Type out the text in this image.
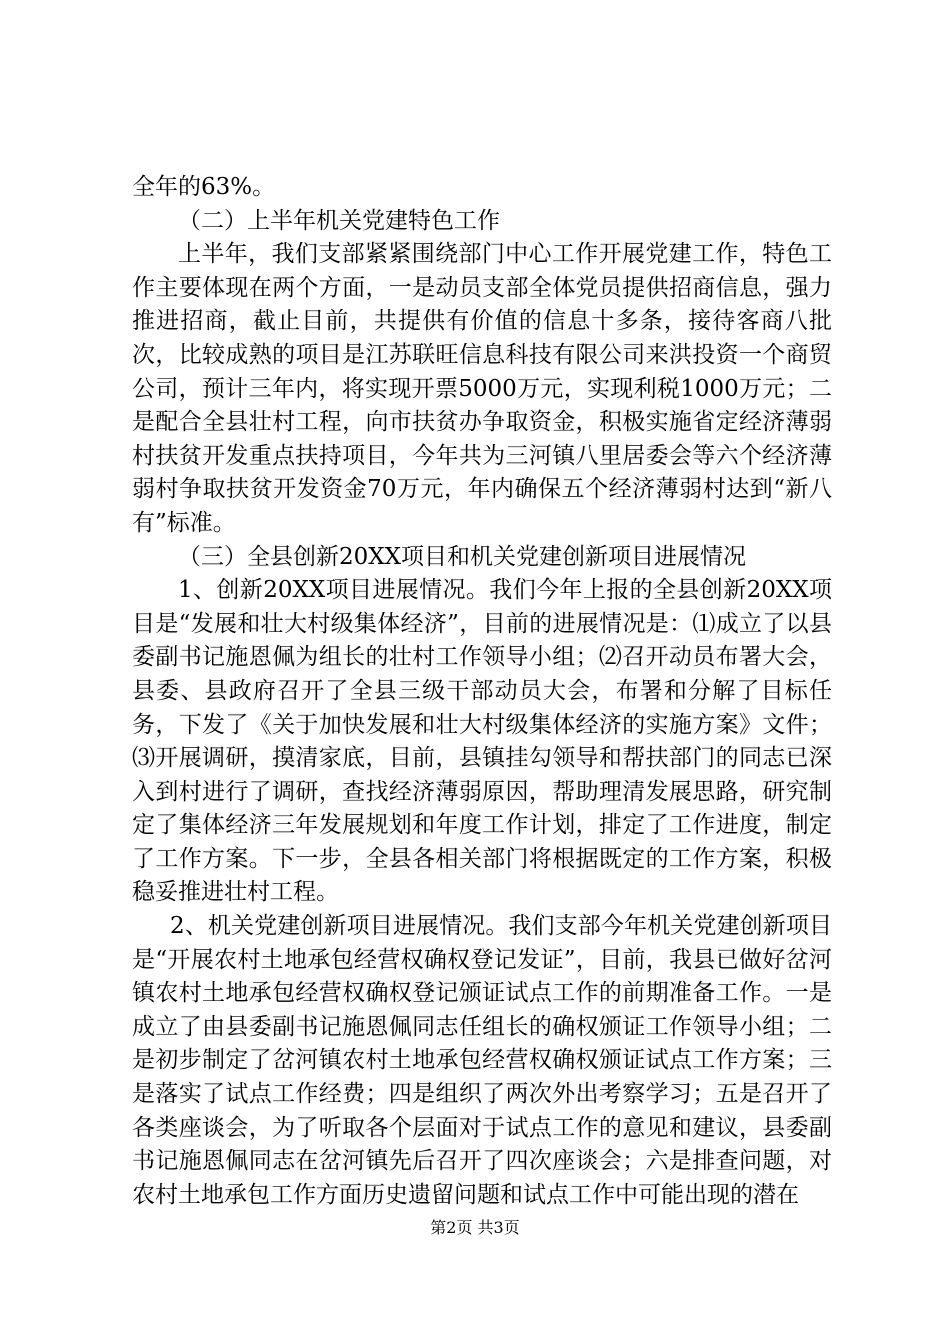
全年的63%。

（二）上半年机关党建特色工作

上半年，我们支部紧紧围绕部门中心工作开展党建工作，特色工作主要体现在两个方面，一是动员支部全体党员提供招商信息，强力推进招商，截止目前，共提供有价值的信息十多条，接待客商八批次，比较成熟的项目是江苏联旺信息科技有限公司来洪投资一个商贸公司，预计三年内，将实现开票5000万元，实现利税1000万元；二是配合全县壮村工程，向市扶贫办争取资金，积极实施省定经济薄弱村扶贫开发重点扶持项目，今年共为三河镇八里居委会等六个经济薄弱村争取扶贫开发资金70万元，年内确保五个经济薄弱村达到“新八有”标准。

（三）全县创新20XX项目和机关党建创新项目进展情况

1、创新20XX项目进展情况。我们今年上报的全县创新20XX项目是“发展和壮大村级集体经济”，目前的进展情况是：⑴成立了以县委副书记施恩佩为组长的壮村工作领导小组；⑵召开动员布署大会，县委、县政府召开了全县三级干部动员大会，布署和分解了目标任务，下发了《关于加快发展和壮大村级集体经济的实施方案》文件；⑶开展调研，摸清家底，目前，县镇挂勾领导和帮扶部门的同志已深入到村进行了调研，查找经济薄弱原因，帮助理清发展思路，研究制定了集体经济三年发展规划和年度工作计划，排定了工作进度，制定了工作方案。下一步，全县各相关部门将根据既定的工作方案，积极稳妥推进壮村工程。

2、机关党建创新项目进展情况。我们支部今年机关党建创新项目是“开展农村土地承包经营权确权登记发证”，目前，我县已做好岔河镇农村土地承包经营权确权登记颁证试点工作的前期准备工作。一是成立了由县委副书记施恩佩同志任组长的确权颁证工作领导小组；二是初步制定了岔河镇农村土地承包经营权确权颁证试点工作方案；三是落实了试点工作经费；四是组织了两次外出考察学习；五是召开了各类座谈会，为了听取各个层面对于试点工作的意见和建议，县委副书记施恩佩同志在岔河镇先后召开了四次座谈会；六是排查问题，对农村土地承包工作方面历史遗留问题和试点工作中可能出现的潜在

第2页 共3页
